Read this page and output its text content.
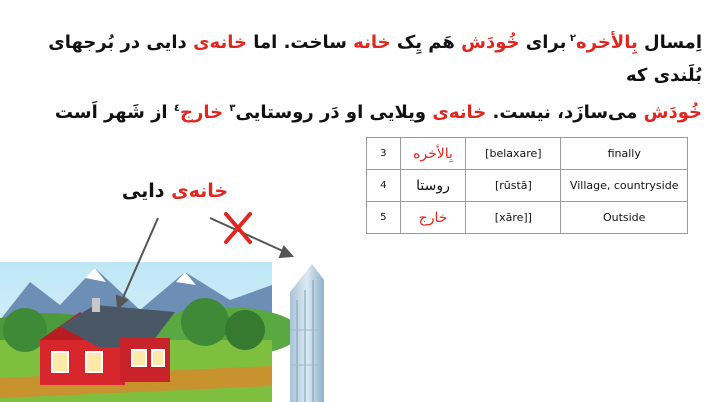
اِمسال بِالأخره$^٢$ برای خُودَش هَم یِک خانه ساخت. اما خانه‌ی دایی در بُرجهای بُلَندی که
خُودَش می‌سازَد، نیست. خانه‌ی ویلایی او دَر روستایی$^٣$ خارج$^٤$ از شَهر اَست
3	بِالأخره	[belaxare]	finally
4	روستا	[rūstā]	Village, countryside
5	خارج	[xāre]]	Outside
خانه‌ی دایی
